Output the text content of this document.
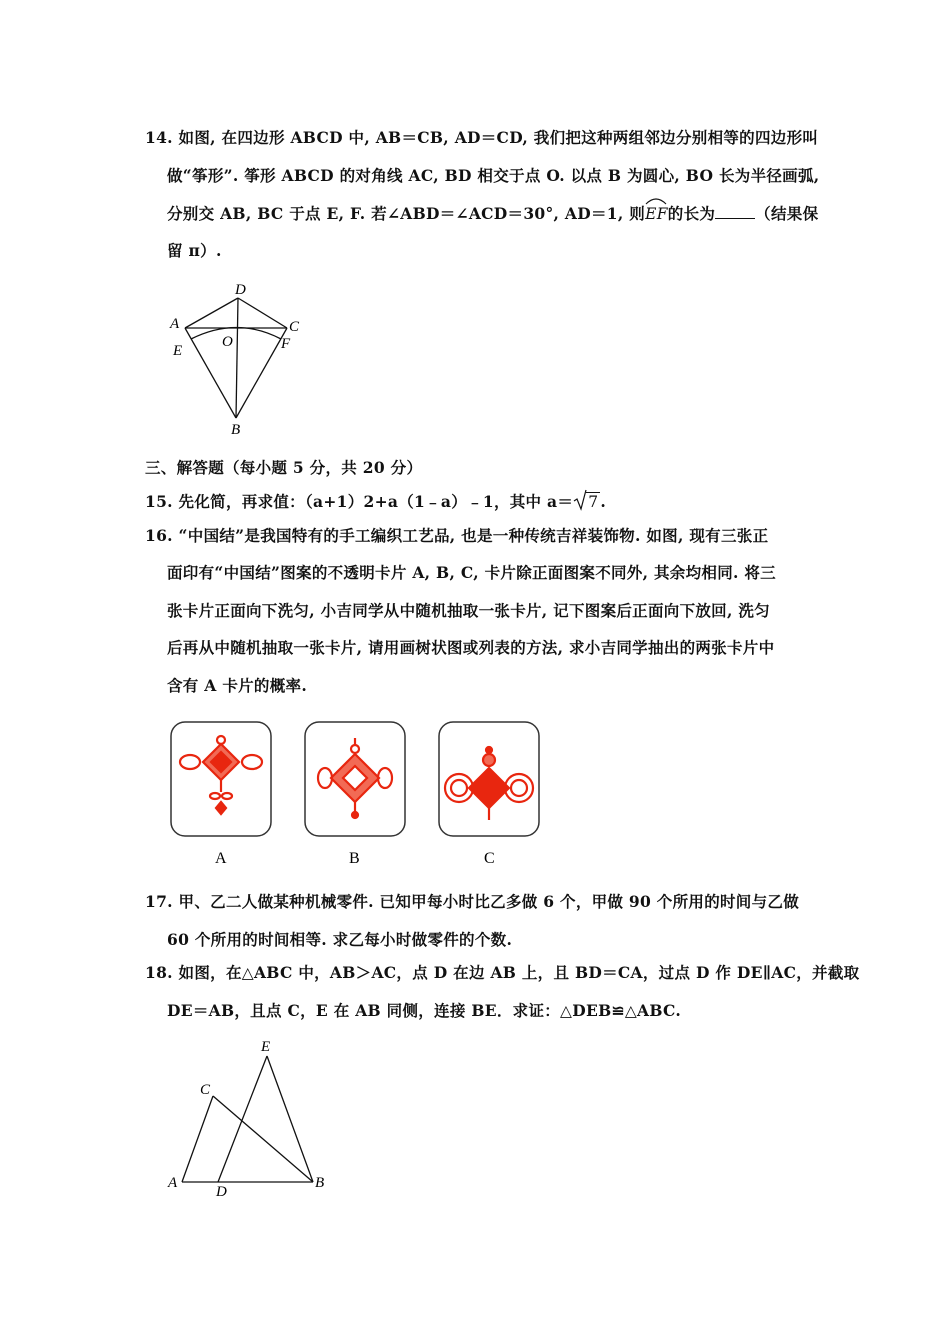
14. 如图, 在四边形 ABCD 中, AB＝CB, AD＝CD, 我们把这种两组邻边分别相等的四边形叫
做“筝形”. 筝形 ABCD 的对角线 AC, BD 相交于点 O. 以点 B 为圆心, BO 长为半径画弧,
分别交 AB, BC 于点 E, F. 若∠ABD＝∠ACD＝30°, AD＝1, 则
EF的长为	（结果保
留 π）.
A
D
C
E
O	F
B
三、解答题（每小题 5 分，共 20 分）
15. 先化简，再求值：（a+1）2+a（1﹣a）﹣1，其中 a＝ 7 .
16. “中国结”是我国特有的手工编织工艺品, 也是一种传统吉祥装饰物. 如图, 现有三张正
面印有“中国结”图案的不透明卡片 A, B, C, 卡片除正面图案不同外, 其余均相同. 将三
张卡片正面向下洗匀, 小吉同学从中随机抽取一张卡片, 记下图案后正面向下放回, 洗匀
后再从中随机抽取一张卡片, 请用画树状图或列表的方法, 求小吉同学抽出的两张卡片中
含有 A 卡片的概率.
A	B	C
17. 甲、乙二人做某种机械零件. 已知甲每小时比乙多做 6 个，甲做 90 个所用的时间与乙做
60 个所用的时间相等. 求乙每小时做零件的个数.
18. 如图，在△ABC 中，AB＞AC，点 D 在边 AB 上，且 BD＝CA，过点 D 作 DE∥AC，并截取
DE＝AB，且点 C，E 在 AB 同侧，连接 BE．求证：△DEB≌△ABC.
E
C
A
D
B
